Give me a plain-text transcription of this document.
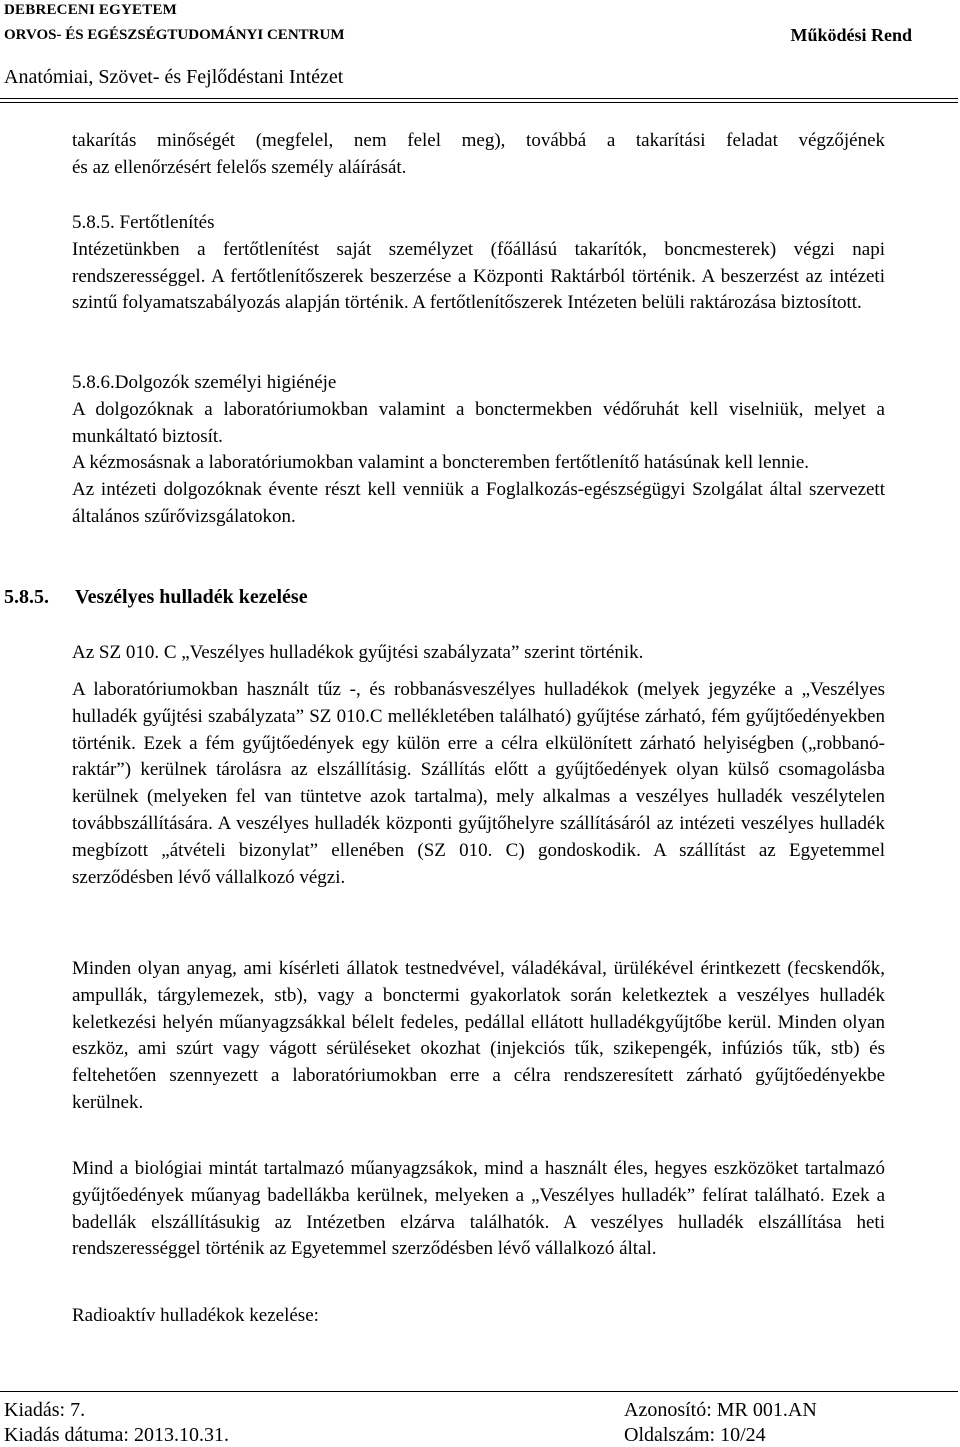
DEBRECENI EGYETEM
ORVOS- ÉS EGÉSZSÉGTUDOMÁNYI CENTRUM	Működési Rend
Anatómiai, Szövet- és Fejlődéstani Intézet

takarítás minőségét (megfelel, nem felel meg), továbbá a takarítási feladat végzőjének

és az ellenőrzésért felelős személy aláírását.

5.8.5. Fertőtlenítés

Intézetünkben a fertőtlenítést saját személyzet (főállású takarítók, boncmesterek) végzi napi rendszerességgel. A fertőtlenítőszerek beszerzése a Központi Raktárból történik. A beszerzést az intézeti szintű folyamatszabályozás alapján történik. A fertőtlenítőszerek Intézeten belüli raktározása biztosított.

5.8.6.Dolgozók személyi higiénéje

A dolgozóknak a laboratóriumokban valamint a bonctermekben védőruhát kell viselniük, melyet a munkáltató biztosít.

A kézmosásnak a laboratóriumokban valamint a boncteremben fertőtlenítő hatásúnak kell lennie.

Az intézeti dolgozóknak évente részt kell venniük a Foglalkozás-egészségügyi Szolgálat által szervezett általános szűrővizsgálatokon.

5.8.5. Veszélyes hulladék kezelése

Az SZ 010. C „Veszélyes hulladékok gyűjtési szabályzata” szerint történik.

A laboratóriumokban használt tűz -, és robbanásveszélyes hulladékok (melyek jegyzéke a „Veszélyes hulladék gyűjtési szabályzata” SZ 010.C mellékletében található) gyűjtése zárható, fém gyűjtőedényekben történik. Ezek a fém gyűjtőedények egy külön erre a célra elkülönített zárható helyiségben („robbanó-raktár”) kerülnek tárolásra az elszállításig. Szállítás előtt a gyűjtőedények olyan külső csomagolásba kerülnek (melyeken fel van tüntetve azok tartalma), mely alkalmas a veszélyes hulladék veszélytelen továbbszállítására. A veszélyes hulladék központi gyűjtőhelyre szállításáról az intézeti veszélyes hulladék megbízott „átvételi bizonylat” ellenében (SZ 010. C) gondoskodik. A szállítást az Egyetemmel szerződésben lévő vállalkozó végzi.

Minden olyan anyag, ami kísérleti állatok testnedvével, váladékával, ürülékével érintkezett (fecskendők, ampullák, tárgylemezek, stb), vagy a bonctermi gyakorlatok során keletkeztek a veszélyes hulladék keletkezési helyén műanyagzsákkal bélelt fedeles, pedállal ellátott hulladékgyűjtőbe kerül. Minden olyan eszköz, ami szúrt vagy vágott sérüléseket okozhat (injekciós tűk, szikepengék, infúziós tűk, stb) és feltehetően szennyezett a laboratóriumokban erre a célra rendszeresített zárható gyűjtőedényekbe kerülnek.

Mind a biológiai mintát tartalmazó műanyagzsákok, mind a használt éles, hegyes eszközöket tartalmazó gyűjtőedények műanyag badellákba kerülnek, melyeken a „Veszélyes hulladék” felírat található. Ezek a badellák elszállításukig az Intézetben elzárva találhatók. A veszélyes hulladék elszállítása heti rendszerességgel történik az Egyetemmel szerződésben lévő vállalkozó által.

Radioaktív hulladékok kezelése:

Kiadás: 7.
Kiadás dátuma: 2013.10.31.
Azonosító: MR 001.AN
Oldalszám: 10/24
